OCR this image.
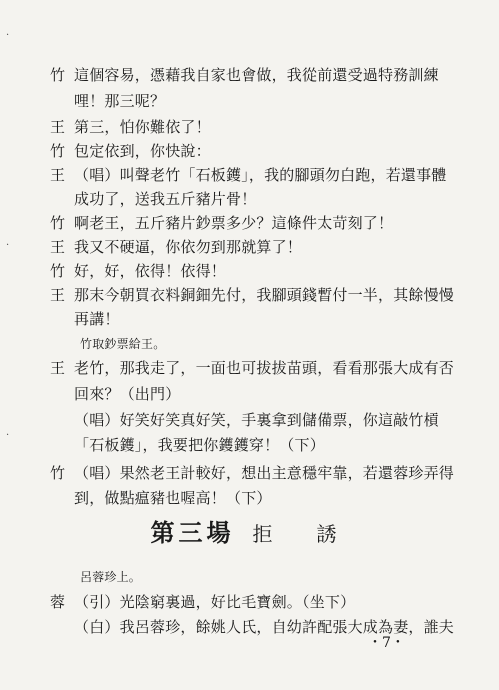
竹 這個容易，憑藉我自家也會做，我從前還受過特務訓練
哩！那三呢？
王 第三，怕你難依了！
竹 包定依到，你快說：
王 （唱）叫聲老竹「石板鑊」，我的腳頭勿白跑，若還事體
成功了，送我五斤豬片骨！
竹 啊老王，五斤豬片鈔票多少？這條件太苛刻了！
王 我又不硬逼，你依勿到那就算了！
竹 好，好，依得！依得！
王 那末今朝買衣料銅鈿先付，我腳頭錢暫付一半，其餘慢慢
再講！
竹取鈔票給王。
王 老竹，那我走了，一面也可拔拔苗頭，看看那張大成有否
回來？（出門）
（唱）好笑好笑真好笑，手裏拿到儲備票，你這敲竹槓
「石板鑊」，我要把你鑊鑊穿！（下）
第三場 拒　誘
呂蓉珍上。
蓉 （引）光陰窮裏過，好比毛寶劍。（坐下）
（白）我呂蓉珍，餘姚人氏，自幼許配張大成為妻，誰夫
・7・
·
·
·
竹 （唱）果然老王計較好，想出主意穩牢靠，若還蓉珍弄得
到，做點瘟豬也喔高！（下）
